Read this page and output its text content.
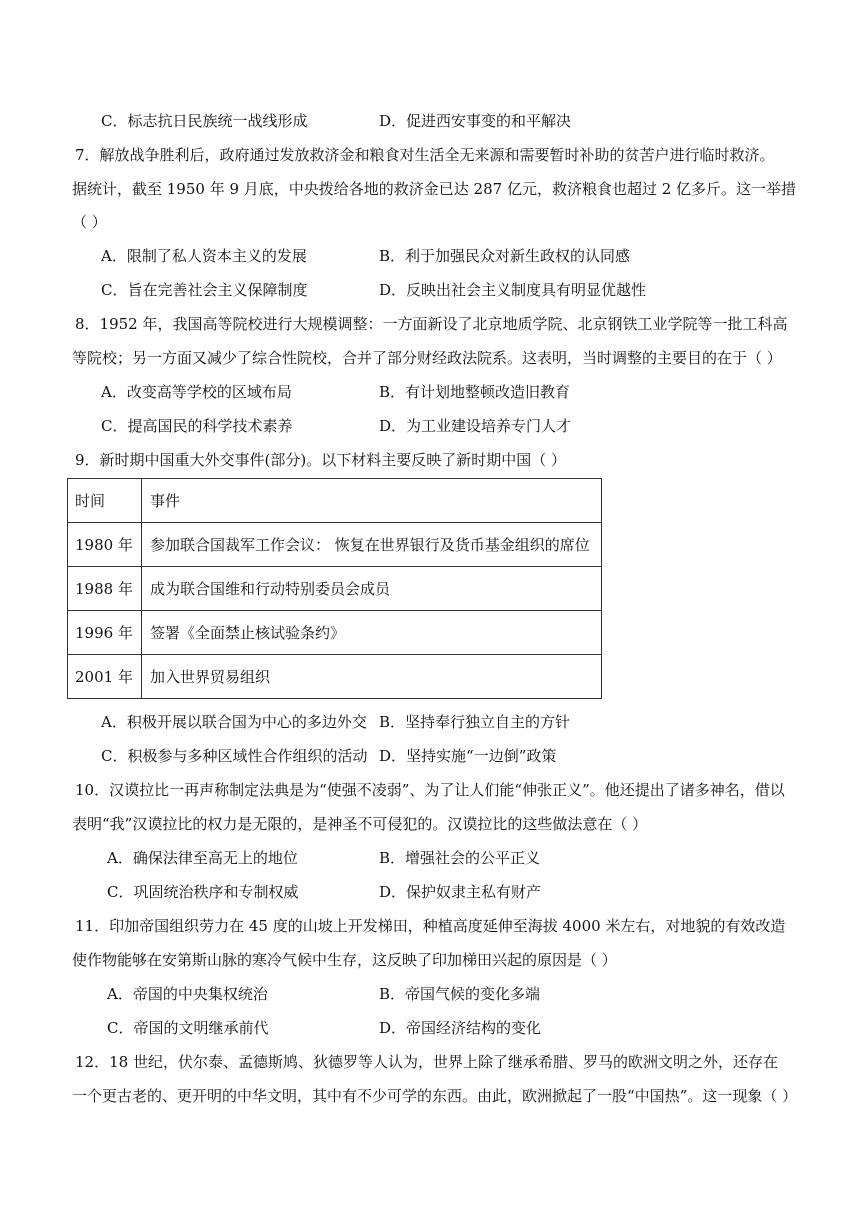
C．标志抗日民族统一战线形成	D．促进西安事变的和平解决
7．解放战争胜利后，政府通过发放救济金和粮食对生活全无来源和需要暂时补助的贫苦户进行临时救济。
据统计，截至 1950 年 9 月底，中央拨给各地的救济金已达 287 亿元，救济粮食也超过 2 亿多斤。这一举措
（ ）
A．限制了私人资本主义的发展	B．利于加强民众对新生政权的认同感
C．旨在完善社会主义保障制度	D．反映出社会主义制度具有明显优越性
8．1952 年，我国高等院校进行大规模调整：一方面新设了北京地质学院、北京钢铁工业学院等一批工科高
等院校；另一方面又减少了综合性院校，合并了部分财经政法院系。这表明，当时调整的主要目的在于（ ）
A．改变高等学校的区域布局	B．有计划地整顿改造旧教育
C．提高国民的科学技术素养	D．为工业建设培养专门人才
9．新时期中国重大外交事件(部分)。以下材料主要反映了新时期中国（ ）
时间	事件
1980 年	参加联合国裁军工作会议： 恢复在世界银行及货币基金组织的席位
1988 年	成为联合国维和行动特别委员会成员
1996 年	签署《全面禁止核试验条约》
2001 年	加入世界贸易组织
A．积极开展以联合国为中心的多边外交 B．坚持奉行独立自主的方针
C．积极参与多种区域性合作组织的活动 D．坚持实施“一边倒”政策
10．汉谟拉比一再声称制定法典是为“使强不凌弱”、为了让人们能“伸张正义”。他还提出了诸多神名，借以
表明“我”汉谟拉比的权力是无限的，是神圣不可侵犯的。汉谟拉比的这些做法意在（ ）
A．确保法律至高无上的地位	B．增强社会的公平正义
C．巩固统治秩序和专制权威	D．保护奴隶主私有财产
11．印加帝国组织劳力在 45 度的山坡上开发梯田，种植高度延伸至海拔 4000 米左右，对地貌的有效改造
使作物能够在安第斯山脉的寒冷气候中生存，这反映了印加梯田兴起的原因是（ ）
A．帝国的中央集权统治	B．帝国气候的变化多端
C．帝国的文明继承前代	D．帝国经济结构的变化
12．18 世纪，伏尔泰、孟德斯鸠、狄德罗等人认为，世界上除了继承希腊、罗马的欧洲文明之外，还存在
一个更古老的、更开明的中华文明，其中有不少可学的东西。由此，欧洲掀起了一股“中国热”。这一现象（ ）
